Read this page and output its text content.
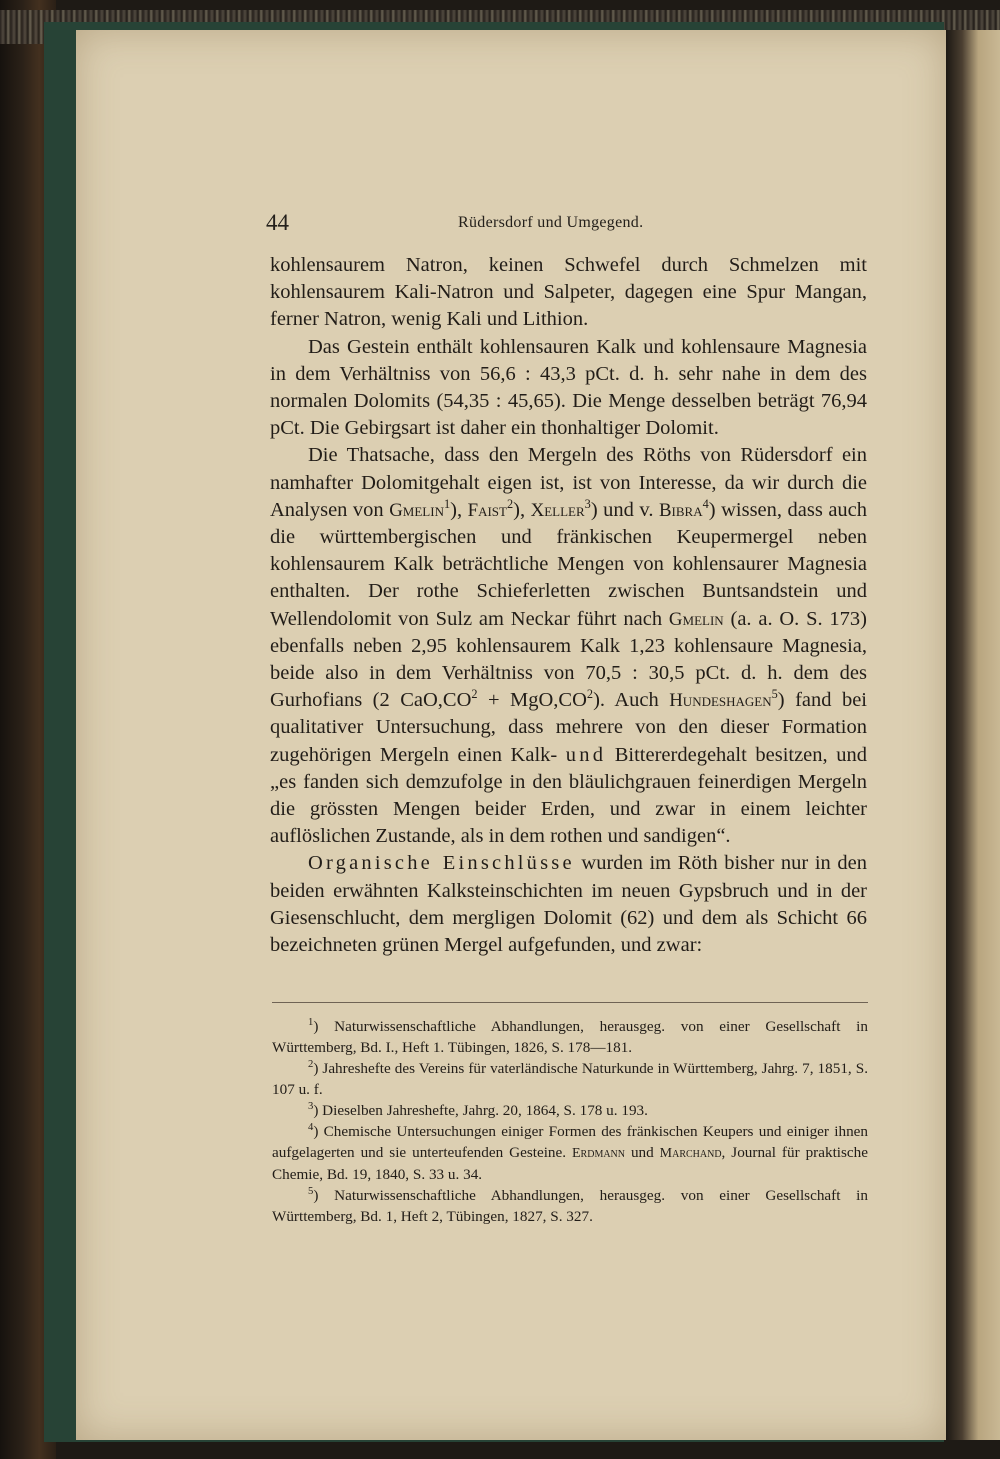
44	Rüdersdorf und Umgegend.

kohlensaurem Natron, keinen Schwefel durch Schmelzen mit kohlensaurem Kali-Natron und Salpeter, dagegen eine Spur Mangan, ferner Natron, wenig Kali und Lithion.

Das Gestein enthält kohlensauren Kalk und kohlensaure Magnesia in dem Verhältniss von 56,6 : 43,3 pCt. d. h. sehr nahe in dem des normalen Dolomits (54,35 : 45,65). Die Menge desselben beträgt 76,94 pCt. Die Gebirgsart ist daher ein thonhaltiger Dolomit.

Die Thatsache, dass den Mergeln des Röths von Rüdersdorf ein namhafter Dolomitgehalt eigen ist, ist von Interesse, da wir durch die Analysen von Gmelin$^1$), Faist$^2$), Xeller$^3$) und v. Bibra$^4$) wissen, dass auch die württembergischen und fränkischen Keupermergel neben kohlensaurem Kalk beträchtliche Mengen von kohlensaurer Magnesia enthalten. Der rothe Schieferletten zwischen Buntsandstein und Wellendolomit von Sulz am Neckar führt nach Gmelin (a. a. O. S. 173) ebenfalls neben 2,95 kohlensaurem Kalk 1,23 kohlensaure Magnesia, beide also in dem Verhältniss von 70,5 : 30,5 pCt. d. h. dem des Gurhofians (2 $CaO,CO^2 + MgO,CO^2$). Auch Hundeshagen$^5$) fand bei qualitativer Untersuchung, dass mehrere von den dieser Formation zugehörigen Mergeln einen Kalk- und Bittererdegehalt besitzen, und „es fanden sich demzufolge in den bläulichgrauen feinerdigen Mergeln die grössten Mengen beider Erden, und zwar in einem leichter auflöslichen Zustande, als in dem rothen und sandigen“.

Organische Einschlüsse wurden im Röth bisher nur in den beiden erwähnten Kalksteinschichten im neuen Gypsbruch und in der Giesenschlucht, dem mergligen Dolomit (62) und dem als Schicht 66 bezeichneten grünen Mergel aufgefunden, und zwar:

$^1$) Naturwissenschaftliche Abhandlungen, herausgeg. von einer Gesellschaft in Württemberg, Bd. I., Heft 1. Tübingen, 1826, S. 178—181.

$^2$) Jahreshefte des Vereins für vaterländische Naturkunde in Württemberg, Jahrg. 7, 1851, S. 107 u. f.

$^3$) Dieselben Jahreshefte, Jahrg. 20, 1864, S. 178 u. 193.

$^4$) Chemische Untersuchungen einiger Formen des fränkischen Keupers und einiger ihnen aufgelagerten und sie unterteufenden Gesteine. Erdmann und Marchand, Journal für praktische Chemie, Bd. 19, 1840, S. 33 u. 34.

$^5$) Naturwissenschaftliche Abhandlungen, herausgeg. von einer Gesellschaft in Württemberg, Bd. 1, Heft 2, Tübingen, 1827, S. 327.
